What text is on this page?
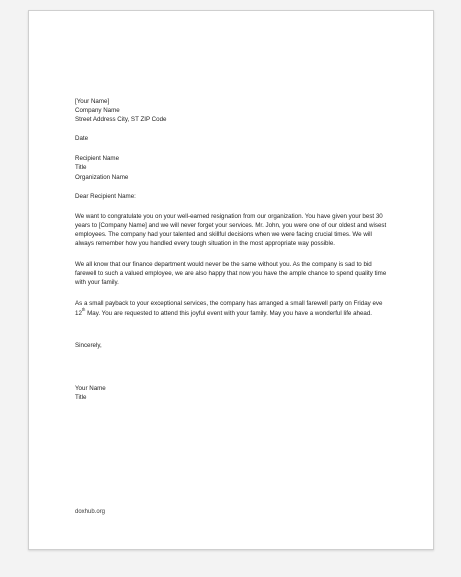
[Your Name]
Company Name
Street Address City, ST ZIP Code
Date
Recipient Name
Title
Organization Name
Dear Recipient Name:

We want to congratulate you on your well-earned resignation from our organization. You have given your best 30 years to [Company Name] and we will never forget your services. Mr. John, you were one of our oldest and wisest employees. The company had your talented and skillful decisions when we were facing crucial times. We will always remember how you handled every tough situation in the most appropriate way possible.

We all know that our finance department would never be the same without you. As the company is sad to bid farewell to such a valued employee, we are also happy that now you have the ample chance to spend quality time with your family.

As a small payback to your exceptional services, the company has arranged a small farewell party on Friday eve 12th May. You are requested to attend this joyful event with your family. May you have a wonderful life ahead.

Sincerely,
Your Name
Title
doxhub.org
